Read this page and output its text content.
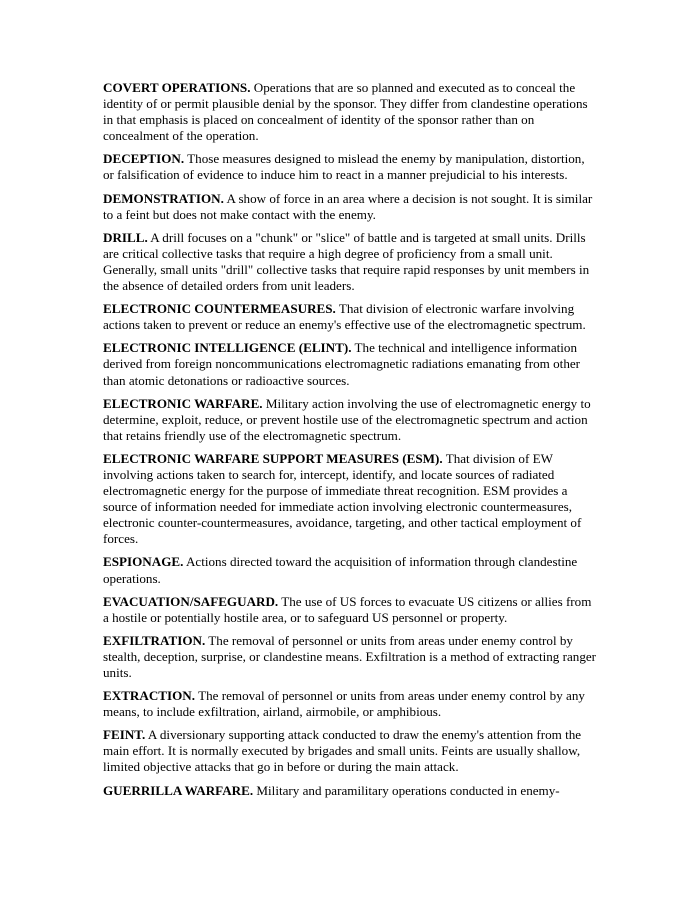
COVERT OPERATIONS. Operations that are so planned and executed as to conceal the identity of or permit plausible denial by the sponsor. They differ from clandestine operations in that emphasis is placed on concealment of identity of the sponsor rather than on concealment of the operation.

DECEPTION. Those measures designed to mislead the enemy by manipulation, distortion, or falsification of evidence to induce him to react in a manner prejudicial to his interests.

DEMONSTRATION. A show of force in an area where a decision is not sought. It is similar to a feint but does not make contact with the enemy.

DRILL. A drill focuses on a "chunk" or "slice" of battle and is targeted at small units. Drills are critical collective tasks that require a high degree of proficiency from a small unit. Generally, small units "drill" collective tasks that require rapid responses by unit members in the absence of detailed orders from unit leaders.

ELECTRONIC COUNTERMEASURES. That division of electronic warfare involving actions taken to prevent or reduce an enemy's effective use of the electromagnetic spectrum.

ELECTRONIC INTELLIGENCE (ELINT). The technical and intelligence information derived from foreign noncommunications electromagnetic radiations emanating from other than atomic detonations or radioactive sources.

ELECTRONIC WARFARE. Military action involving the use of electromagnetic energy to determine, exploit, reduce, or prevent hostile use of the electromagnetic spectrum and action that retains friendly use of the electromagnetic spectrum.

ELECTRONIC WARFARE SUPPORT MEASURES (ESM). That division of EW involving actions taken to search for, intercept, identify, and locate sources of radiated electromagnetic energy for the purpose of immediate threat recognition. ESM provides a source of information needed for immediate action involving electronic countermeasures, electronic counter-countermeasures, avoidance, targeting, and other tactical employment of forces.

ESPIONAGE. Actions directed toward the acquisition of information through clandestine operations.

EVACUATION/SAFEGUARD. The use of US forces to evacuate US citizens or allies from a hostile or potentially hostile area, or to safeguard US personnel or property.

EXFILTRATION. The removal of personnel or units from areas under enemy control by stealth, deception, surprise, or clandestine means. Exfiltration is a method of extracting ranger units.

EXTRACTION. The removal of personnel or units from areas under enemy control by any means, to include exfiltration, airland, airmobile, or amphibious.

FEINT. A diversionary supporting attack conducted to draw the enemy's attention from the main effort. It is normally executed by brigades and small units. Feints are usually shallow, limited objective attacks that go in before or during the main attack.

GUERRILLA WARFARE. Military and paramilitary operations conducted in enemy-
